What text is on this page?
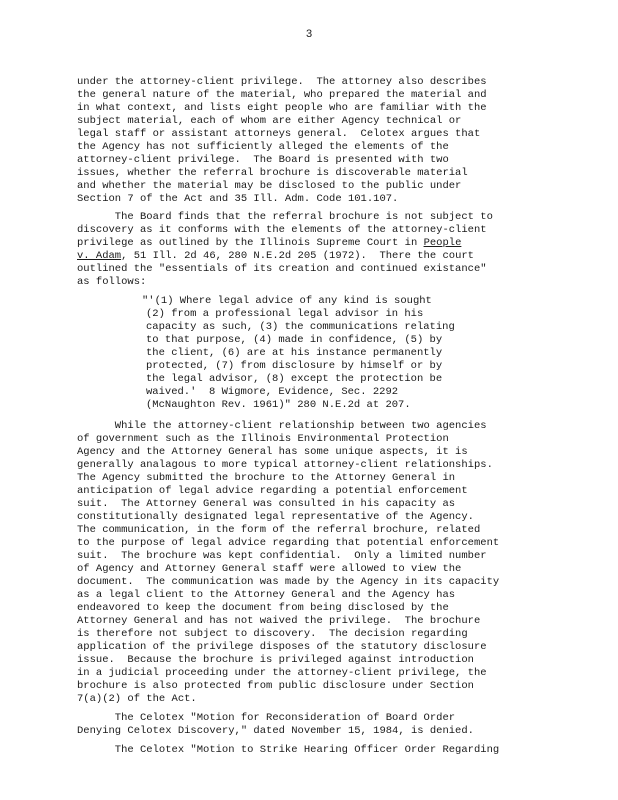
3
under the attorney-client privilege.  The attorney also describes
the general nature of the material, who prepared the material and
in what context, and lists eight people who are familiar with the
subject material, each of whom are either Agency technical or
legal staff or assistant attorneys general.  Celotex argues that
the Agency has not sufficiently alleged the elements of the
attorney-client privilege.  The Board is presented with two
issues, whether the referral brochure is discoverable material
and whether the material may be disclosed to the public under
Section 7 of the Act and 35 Ill. Adm. Code 101.107.
The Board finds that the referral brochure is not subject to
discovery as it conforms with the elements of the attorney-client
privilege as outlined by the Illinois Supreme Court in People
v. Adam, 51 Ill. 2d 46, 280 N.E.2d 205 (1972).  There the court
outlined the "essentials of its creation and continued existance"
as follows:
"'(1) Where legal advice of any kind is sought
(2) from a professional legal advisor in his
capacity as such, (3) the communications relating
to that purpose, (4) made in confidence, (5) by
the client, (6) are at his instance permanently
protected, (7) from disclosure by himself or by
the legal advisor, (8) except the protection be
waived.'  8 Wigmore, Evidence, Sec. 2292
(McNaughton Rev. 1961)" 280 N.E.2d at 207.
While the attorney-client relationship between two agencies
of government such as the Illinois Environmental Protection
Agency and the Attorney General has some unique aspects, it is
generally analagous to more typical attorney-client relationships.
The Agency submitted the brochure to the Attorney General in
anticipation of legal advice regarding a potential enforcement
suit.  The Attorney General was consulted in his capacity as
constitutionally designated legal representative of the Agency.
The communication, in the form of the referral brochure, related
to the purpose of legal advice regarding that potential enforcement
suit.  The brochure was kept confidential.  Only a limited number
of Agency and Attorney General staff were allowed to view the
document.  The communication was made by the Agency in its capacity
as a legal client to the Attorney General and the Agency has
endeavored to keep the document from being disclosed by the
Attorney General and has not waived the privilege.  The brochure
is therefore not subject to discovery.  The decision regarding
application of the privilege disposes of the statutory disclosure
issue.  Because the brochure is privileged against introduction
in a judicial proceeding under the attorney-client privilege, the
brochure is also protected from public disclosure under Section
7(a)(2) of the Act.
The Celotex "Motion for Reconsideration of Board Order
Denying Celotex Discovery," dated November 15, 1984, is denied.
The Celotex "Motion to Strike Hearing Officer Order Regarding
